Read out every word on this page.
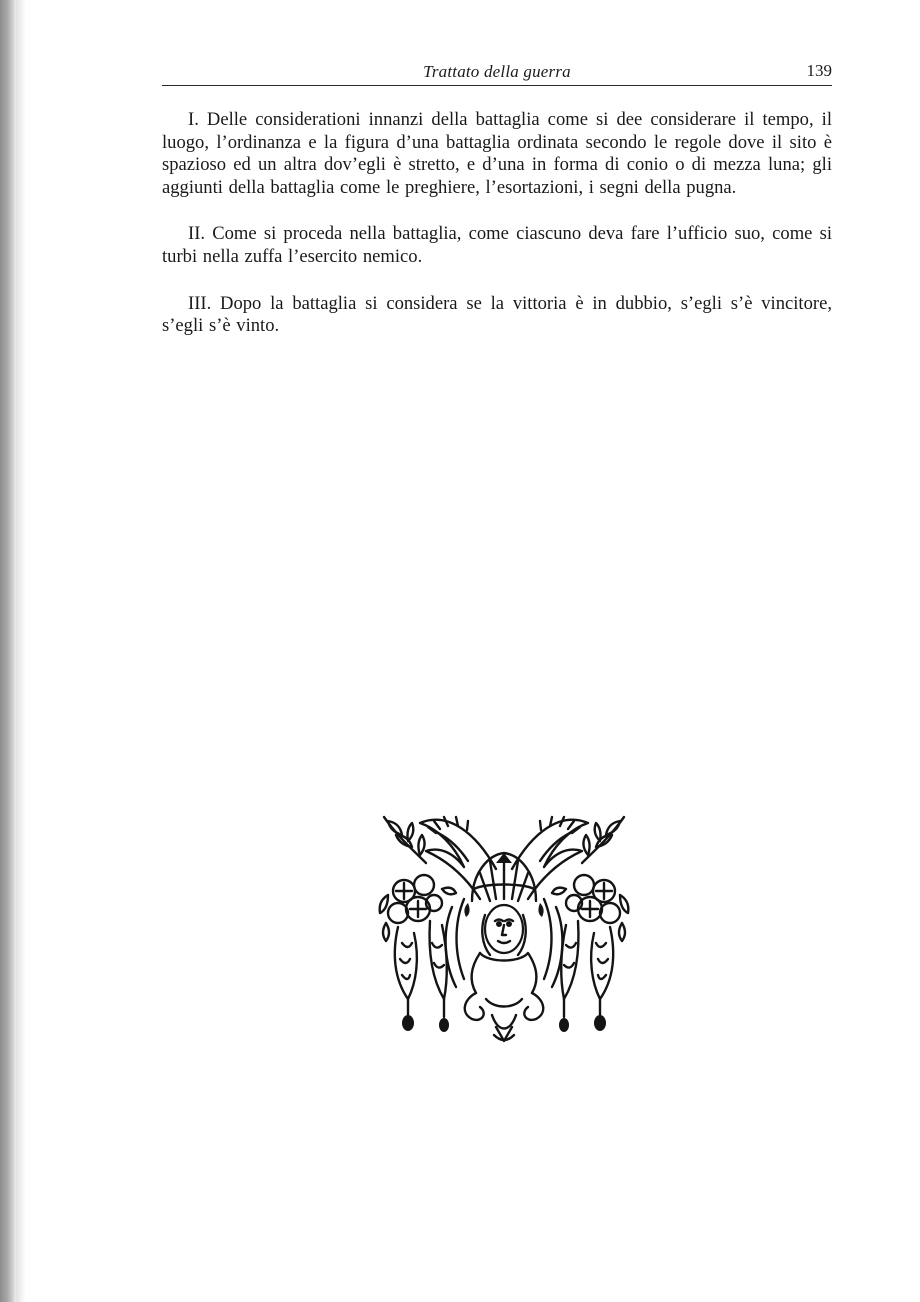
Trattato della guerra	139

I. Delle considerationi innanzi della battaglia come si dee considerare il tempo, il luogo, l’ordinanza e la figura d’una battaglia ordinata secondo le regole dove il sito è spazioso ed un altra dov’egli è stretto, e d’una in forma di conio o di mezza luna; gli aggiunti della battaglia come le preghiere, l’esortazioni, i segni della pugna.

II. Come si proceda nella battaglia, come ciascuno deva fare l’ufficio suo, come si turbi nella zuffa l’esercito nemico.

III. Dopo la battaglia si considera se la vittoria è in dubbio, s’egli s’è vincitore, s’egli s’è vinto.
